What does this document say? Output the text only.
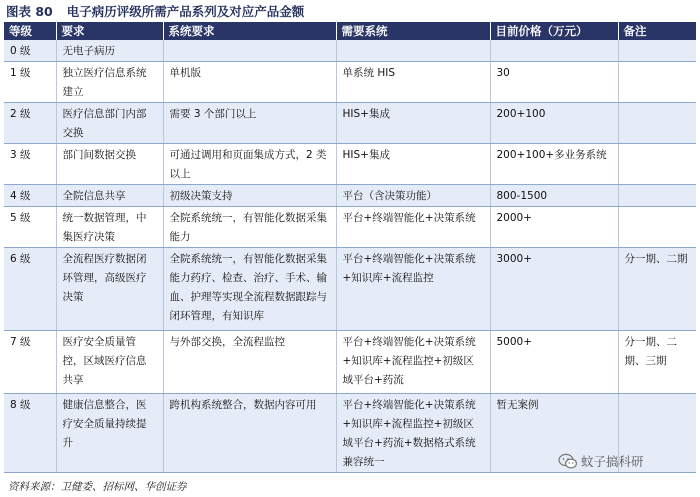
图表 80 电子病历评级所需产品系列及对应产品金额
等级	要求	系统要求	需要系统	目前价格（万元）	备注
0 级	无电子病历				
1 级	独立医疗信息系统建立	单机版	单系统 HIS	30	
2 级	医疗信息部门内部交换	需要 3 个部门以上	HIS+集成	200+100	
3 级	部门间数据交换	可通过调用和页面集成方式，2 类以上	HIS+集成	200+100+多业务系统	
4 级	全院信息共享	初级决策支持	平台（含决策功能）	800-1500	
5 级	统一数据管理，中集医疗决策	全院系统统一，有智能化数据采集能力	平台+终端智能化+决策系统	2000+	
6 级	全流程医疗数据闭环管理，高级医疗决策	全院系统统一，有智能化数据采集能力药疗、检查、治疗、手术、输血、护理等实现全流程数据跟踪与闭环管理，有知识库	平台+终端智能化+决策系统+知识库+流程监控	3000+	分一期、二期
7 级	医疗安全质量管控，区域医疗信息共享	与外部交换，全流程监控	平台+终端智能化+决策系统+知识库+流程监控+初级区域平台+药流	5000+	分一期、二期、三期
8 级	健康信息整合，医疗安全质量持续提升	跨机构系统整合，数据内容可用	平台+终端智能化+决策系统+知识库+流程监控+初级区域平台+药流+数据格式系统兼容统一	暂无案例	
资料来源：卫健委、招标网、华创证券
蚊子搞科研
